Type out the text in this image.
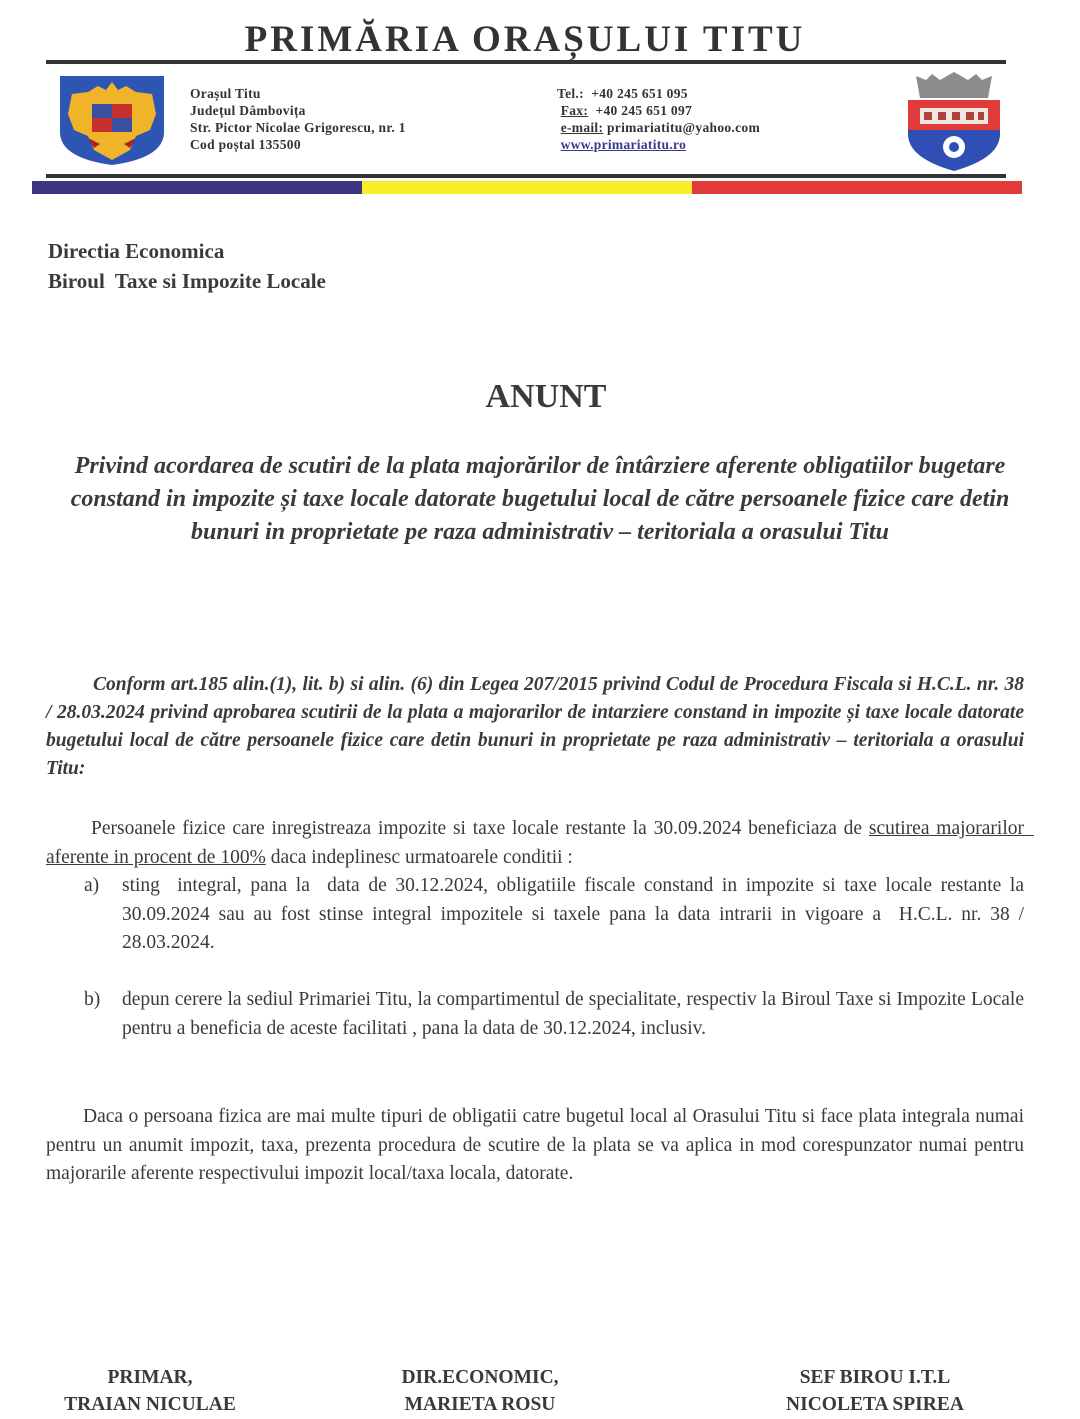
PRIMĂRIA ORAȘULUI TITU
Orașul Titu
Județul Dâmbovița
Str. Pictor Nicolae Grigorescu, nr. 1
Cod poștal 135500
Tel.: +40 245 651 095
Fax: +40 245 651 097
e-mail: primariatitu@yahoo.com
www.primariatitu.ro
Directia Economica
Biroul  Taxe si Impozite Locale
ANUNT
Privind acordarea de scutiri de la plata majorărilor de întârziere aferente obligatiilor bugetare constand in impozite și taxe locale datorate bugetului local de către persoanele fizice care detin bunuri in proprietate pe raza administrativ – teritoriala a orasului Titu
Conform art.185 alin.(1), lit. b) si alin. (6) din Legea 207/2015 privind Codul de Procedura Fiscala si H.C.L. nr. 38 / 28.03.2024 privind aprobarea scutirii de la plata a majorarilor de intarziere constand in impozite și taxe locale datorate bugetului local de către persoanele fizice care detin bunuri in proprietate pe raza administrativ – teritoriala a orasului Titu:
Persoanele fizice care inregistreaza impozite si taxe locale restante la 30.09.2024 beneficiaza de scutirea majorarilor  aferente in procent de 100% daca indeplinesc urmatoarele conditii :
a) sting  integral, pana la  data de 30.12.2024, obligatiile fiscale constand in impozite si taxe locale restante la 30.09.2024 sau au fost stinse integral impozitele si taxele pana la data intrarii in vigoare a  H.C.L. nr. 38 / 28.03.2024.
b) depun cerere la sediul Primariei Titu, la compartimentul de specialitate, respectiv la Biroul Taxe si Impozite Locale pentru a beneficia de aceste facilitati , pana la data de 30.12.2024, inclusiv.
Daca o persoana fizica are mai multe tipuri de obligatii catre bugetul local al Orasului Titu si face plata integrala numai pentru un anumit impozit, taxa, prezenta procedura de scutire de la plata se va aplica in mod corespunzator numai pentru majorarile aferente respectivului impozit local/taxa locala, datorate.
PRIMAR,
TRAIAN NICULAE
DIR.ECONOMIC,
MARIETA ROSU
SEF BIROU I.T.L
NICOLETA SPIREA
